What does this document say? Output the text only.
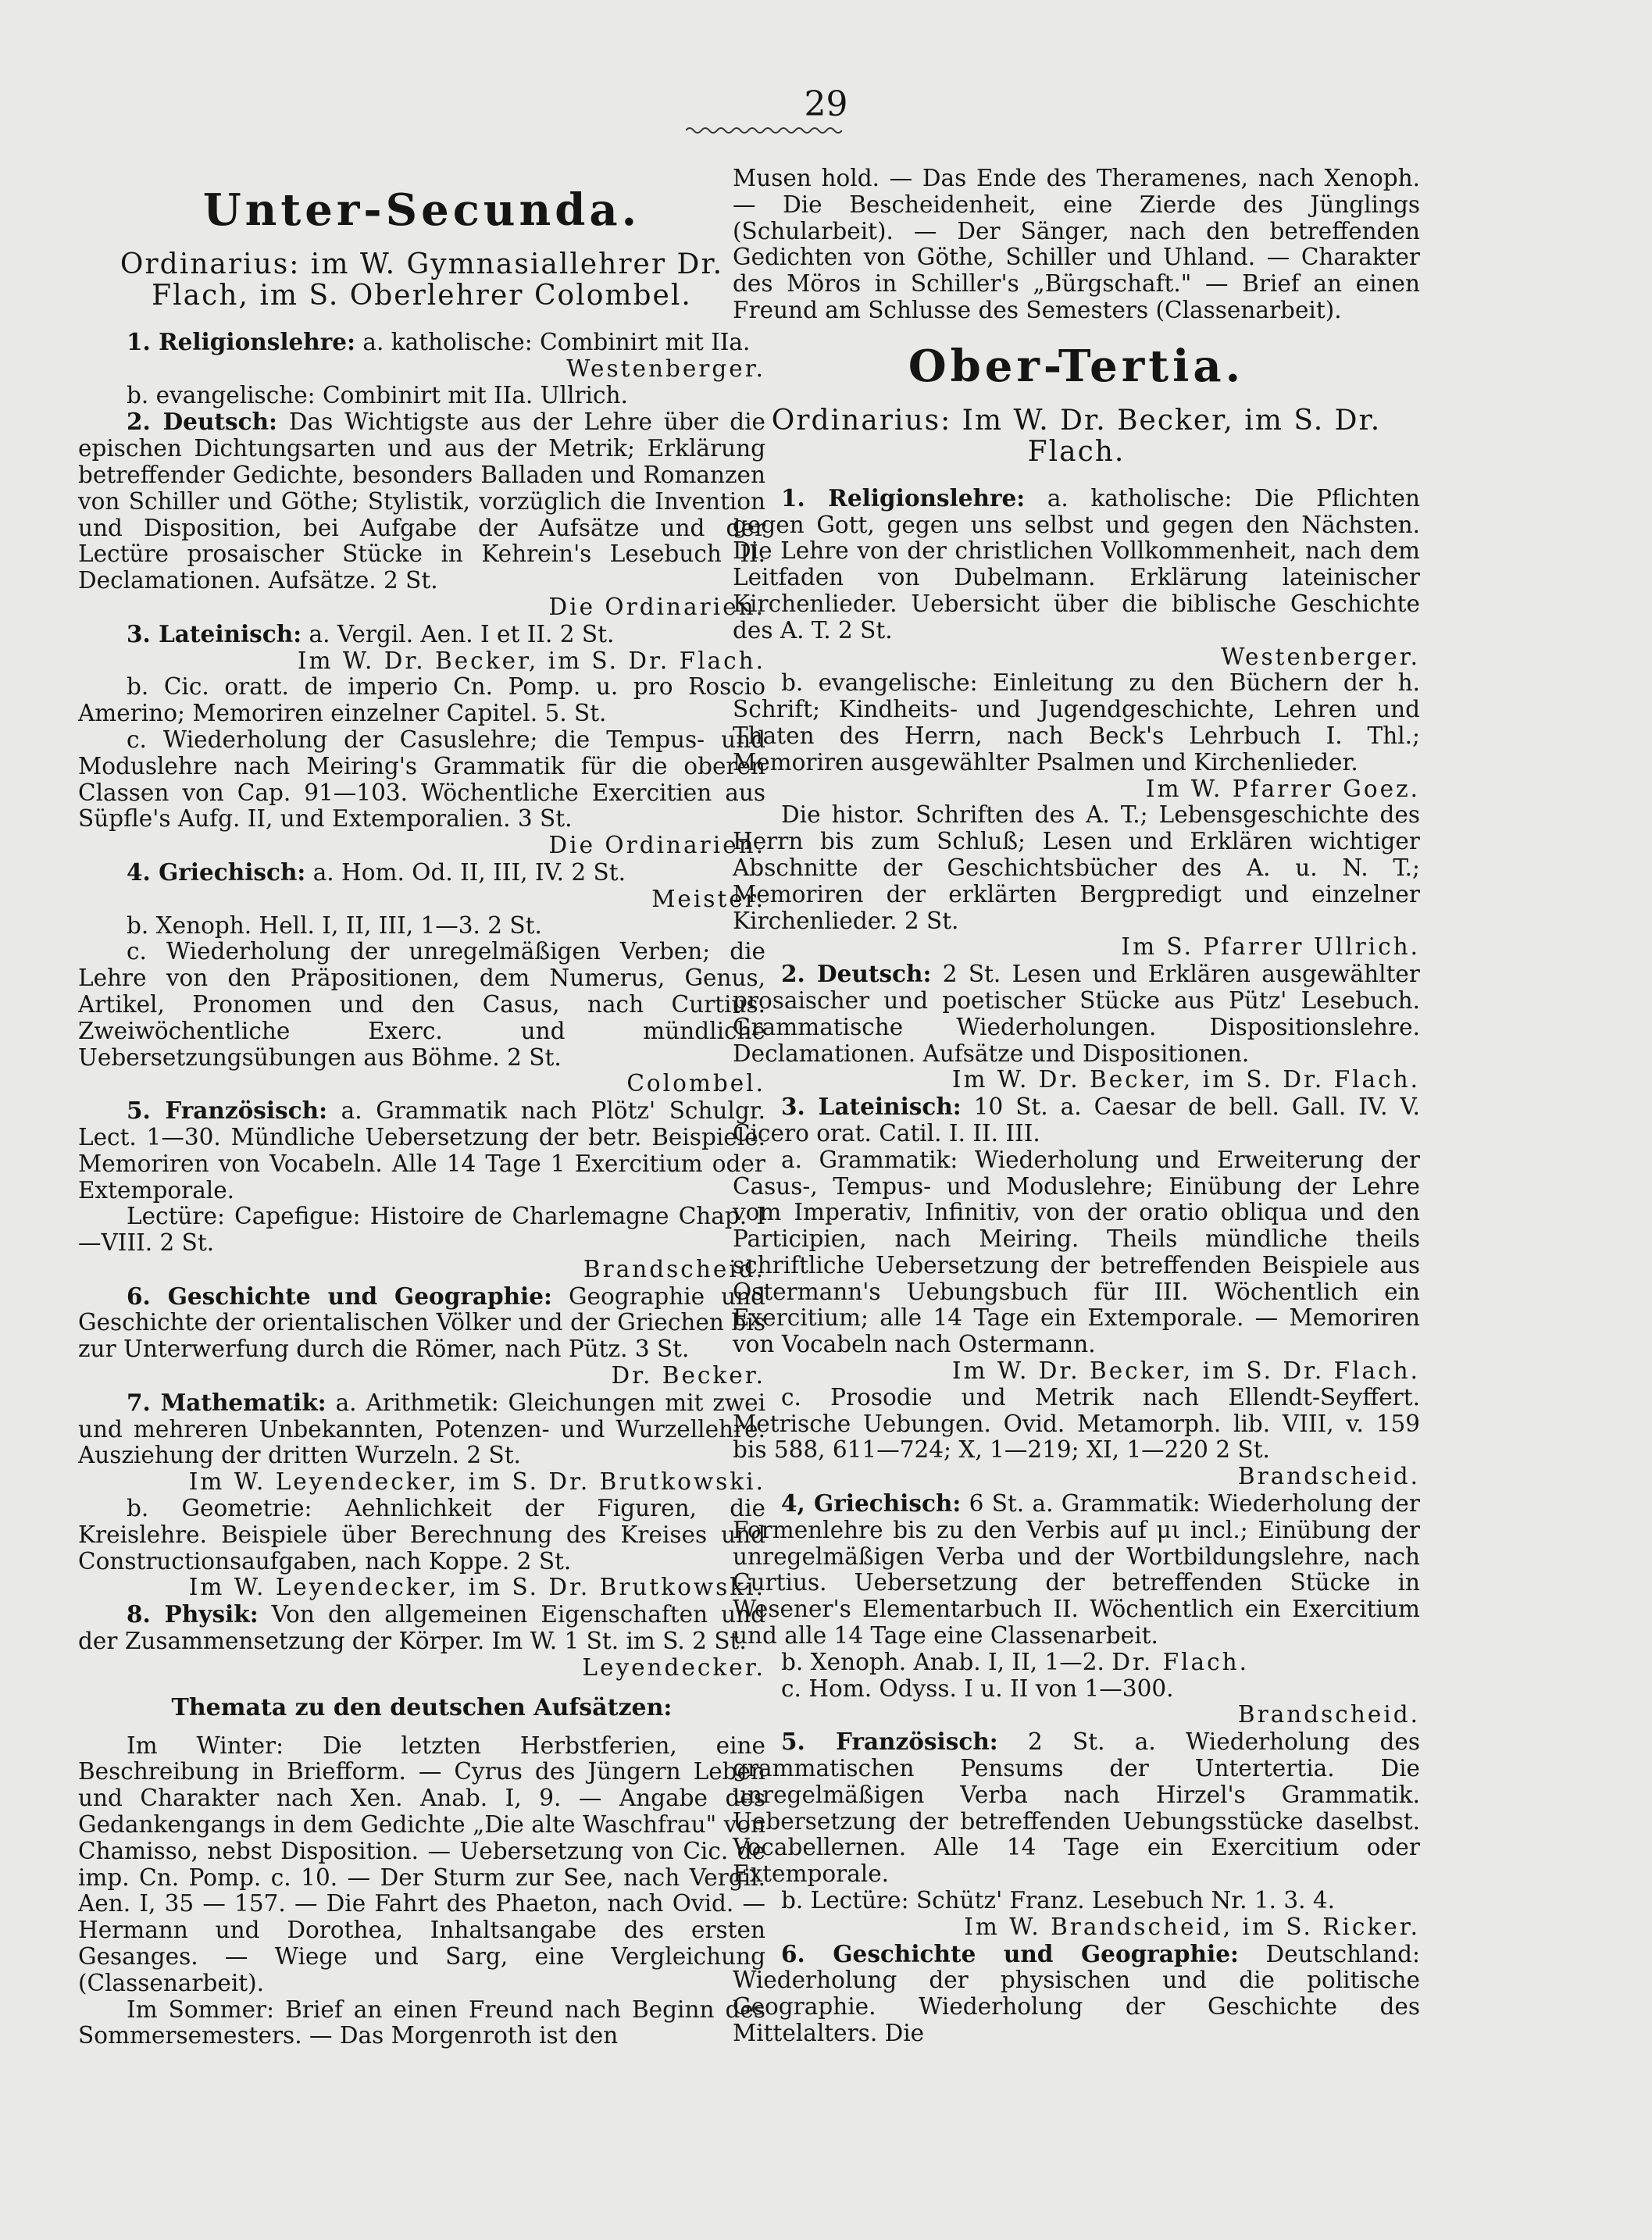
29
Unter-Secunda.
Ordinarius: im W. Gymnasiallehrer Dr. Flach, im S. Oberlehrer Colombel.

1. Religionslehre: a. katholische: Combinirt mit IIa.

Westenberger.

b. evangelische: Combinirt mit IIa. Ullrich.

2. Deutsch: Das Wichtigste aus der Lehre über die epischen Dichtungsarten und aus der Metrik; Erklärung betreffender Gedichte, besonders Balladen und Romanzen von Schiller und Göthe; Stylistik, vorzüglich die Invention und Disposition, bei Aufgabe der Aufsätze und der Lectüre prosaischer Stücke in Kehrein's Lesebuch II. Declamationen. Aufsätze. 2 St.

Die Ordinarien.

3. Lateinisch: a. Vergil. Aen. I et II. 2 St.

Im W. Dr. Becker, im S. Dr. Flach.

b. Cic. oratt. de imperio Cn. Pomp. u. pro Roscio Amerino; Memoriren einzelner Capitel. 5. St.

c. Wiederholung der Casuslehre; die Tempus- und Moduslehre nach Meiring's Grammatik für die oberen Classen von Cap. 91—103. Wöchentliche Exercitien aus Süpfle's Aufg. II, und Extemporalien. 3 St.

Die Ordinarien.

4. Griechisch: a. Hom. Od. II, III, IV. 2 St.

Meister.

b. Xenoph. Hell. I, II, III, 1—3. 2 St.

c. Wiederholung der unregelmäßigen Verben; die Lehre von den Präpositionen, dem Numerus, Genus, Artikel, Pronomen und den Casus, nach Curtius. Zweiwöchentliche Exerc. und mündliche Uebersetzungsübungen aus Böhme. 2 St.

Colombel.

5. Französisch: a. Grammatik nach Plötz' Schulgr. Lect. 1—30. Mündliche Uebersetzung der betr. Beispiele. Memoriren von Vocabeln. Alle 14 Tage 1 Exercitium oder Extemporale.

Lectüre: Capefigue: Histoire de Charlemagne Chap. I—VIII. 2 St.

Brandscheid.

6. Geschichte und Geographie: Geographie und Geschichte der orientalischen Völker und der Griechen bis zur Unterwerfung durch die Römer, nach Pütz. 3 St.

Dr. Becker.

7. Mathematik: a. Arithmetik: Gleichungen mit zwei und mehreren Unbekannten, Potenzen- und Wurzellehre. Ausziehung der dritten Wurzeln. 2 St.

Im W. Leyendecker, im S. Dr. Brutkowski.

b. Geometrie: Aehnlichkeit der Figuren, die Kreislehre. Beispiele über Berechnung des Kreises und Constructionsaufgaben, nach Koppe. 2 St.

Im W. Leyendecker, im S. Dr. Brutkowski.

8. Physik: Von den allgemeinen Eigenschaften und der Zusammensetzung der Körper. Im W. 1 St. im S. 2 St.

Leyendecker.

Themata zu den deutschen Aufsätzen:

Im Winter: Die letzten Herbstferien, eine Beschreibung in Briefform. — Cyrus des Jüngern Leben und Charakter nach Xen. Anab. I, 9. — Angabe des Gedankengangs in dem Gedichte „Die alte Waschfrau" von Chamisso, nebst Disposition. — Uebersetzung von Cic. de imp. Cn. Pomp. c. 10. — Der Sturm zur See, nach Vergil. Aen. I, 35 — 157. — Die Fahrt des Phaeton, nach Ovid. — Hermann und Dorothea, Inhaltsangabe des ersten Gesanges. — Wiege und Sarg, eine Vergleichung (Classenarbeit).

Im Sommer: Brief an einen Freund nach Beginn des Sommersemesters. — Das Morgenroth ist den

Musen hold. — Das Ende des Theramenes, nach Xenoph. — Die Bescheidenheit, eine Zierde des Jünglings (Schularbeit). — Der Sänger, nach den betreffenden Gedichten von Göthe, Schiller und Uhland. — Charakter des Möros in Schiller's „Bürgschaft." — Brief an einen Freund am Schlusse des Semesters (Classenarbeit).

Ober-Tertia.
Ordinarius: Im W. Dr. Becker, im S. Dr. Flach.

1. Religionslehre: a. katholische: Die Pflichten gegen Gott, gegen uns selbst und gegen den Nächsten. Die Lehre von der christlichen Vollkommenheit, nach dem Leitfaden von Dubelmann. Erklärung lateinischer Kirchenlieder. Uebersicht über die biblische Geschichte des A. T. 2 St.

Westenberger.

b. evangelische: Einleitung zu den Büchern der h. Schrift; Kindheits- und Jugendgeschichte, Lehren und Thaten des Herrn, nach Beck's Lehrbuch I. Thl.; Memoriren ausgewählter Psalmen und Kirchenlieder.

Im W. Pfarrer Goez.

Die histor. Schriften des A. T.; Lebensgeschichte des Herrn bis zum Schluß; Lesen und Erklären wichtiger Abschnitte der Geschichtsbücher des A. u. N. T.; Memoriren der erklärten Bergpredigt und einzelner Kirchenlieder. 2 St.

Im S. Pfarrer Ullrich.

2. Deutsch: 2 St. Lesen und Erklären ausgewählter prosaischer und poetischer Stücke aus Pütz' Lesebuch. Grammatische Wiederholungen. Dispositionslehre. Declamationen. Aufsätze und Dispositionen.

Im W. Dr. Becker, im S. Dr. Flach.

3. Lateinisch: 10 St. a. Caesar de bell. Gall. IV. V. Cicero orat. Catil. I. II. III.

a. Grammatik: Wiederholung und Erweiterung der Casus-, Tempus- und Moduslehre; Einübung der Lehre vom Imperativ, Infinitiv, von der oratio obliqua und den Participien, nach Meiring. Theils mündliche theils schriftliche Uebersetzung der betreffenden Beispiele aus Ostermann's Uebungsbuch für III. Wöchentlich ein Exercitium; alle 14 Tage ein Extemporale. — Memoriren von Vocabeln nach Ostermann.

Im W. Dr. Becker, im S. Dr. Flach.

c. Prosodie und Metrik nach Ellendt-Seyffert. Metrische Uebungen. Ovid. Metamorph. lib. VIII, v. 159 bis 588, 611—724; X, 1—219; XI, 1—220 2 St.

Brandscheid.

4, Griechisch: 6 St. a. Grammatik: Wiederholung der Formenlehre bis zu den Verbis auf μι incl.; Einübung der unregelmäßigen Verba und der Wortbildungslehre, nach Curtius. Uebersetzung der betreffenden Stücke in Wesener's Elementarbuch II. Wöchentlich ein Exercitium und alle 14 Tage eine Classenarbeit.

b. Xenoph. Anab. I, II, 1—2. Dr. Flach.

c. Hom. Odyss. I u. II von 1—300.

Brandscheid.

5. Französisch: 2 St. a. Wiederholung des grammatischen Pensums der Untertertia. Die unregelmäßigen Verba nach Hirzel's Grammatik. Uebersetzung der betreffenden Uebungsstücke daselbst. Vocabellernen. Alle 14 Tage ein Exercitium oder Extemporale.

b. Lectüre: Schütz' Franz. Lesebuch Nr. 1. 3. 4.

Im W. Brandscheid, im S. Ricker.

6. Geschichte und Geographie: Deutschland: Wiederholung der physischen und die politische Geographie. Wiederholung der Geschichte des Mittelalters. Die
